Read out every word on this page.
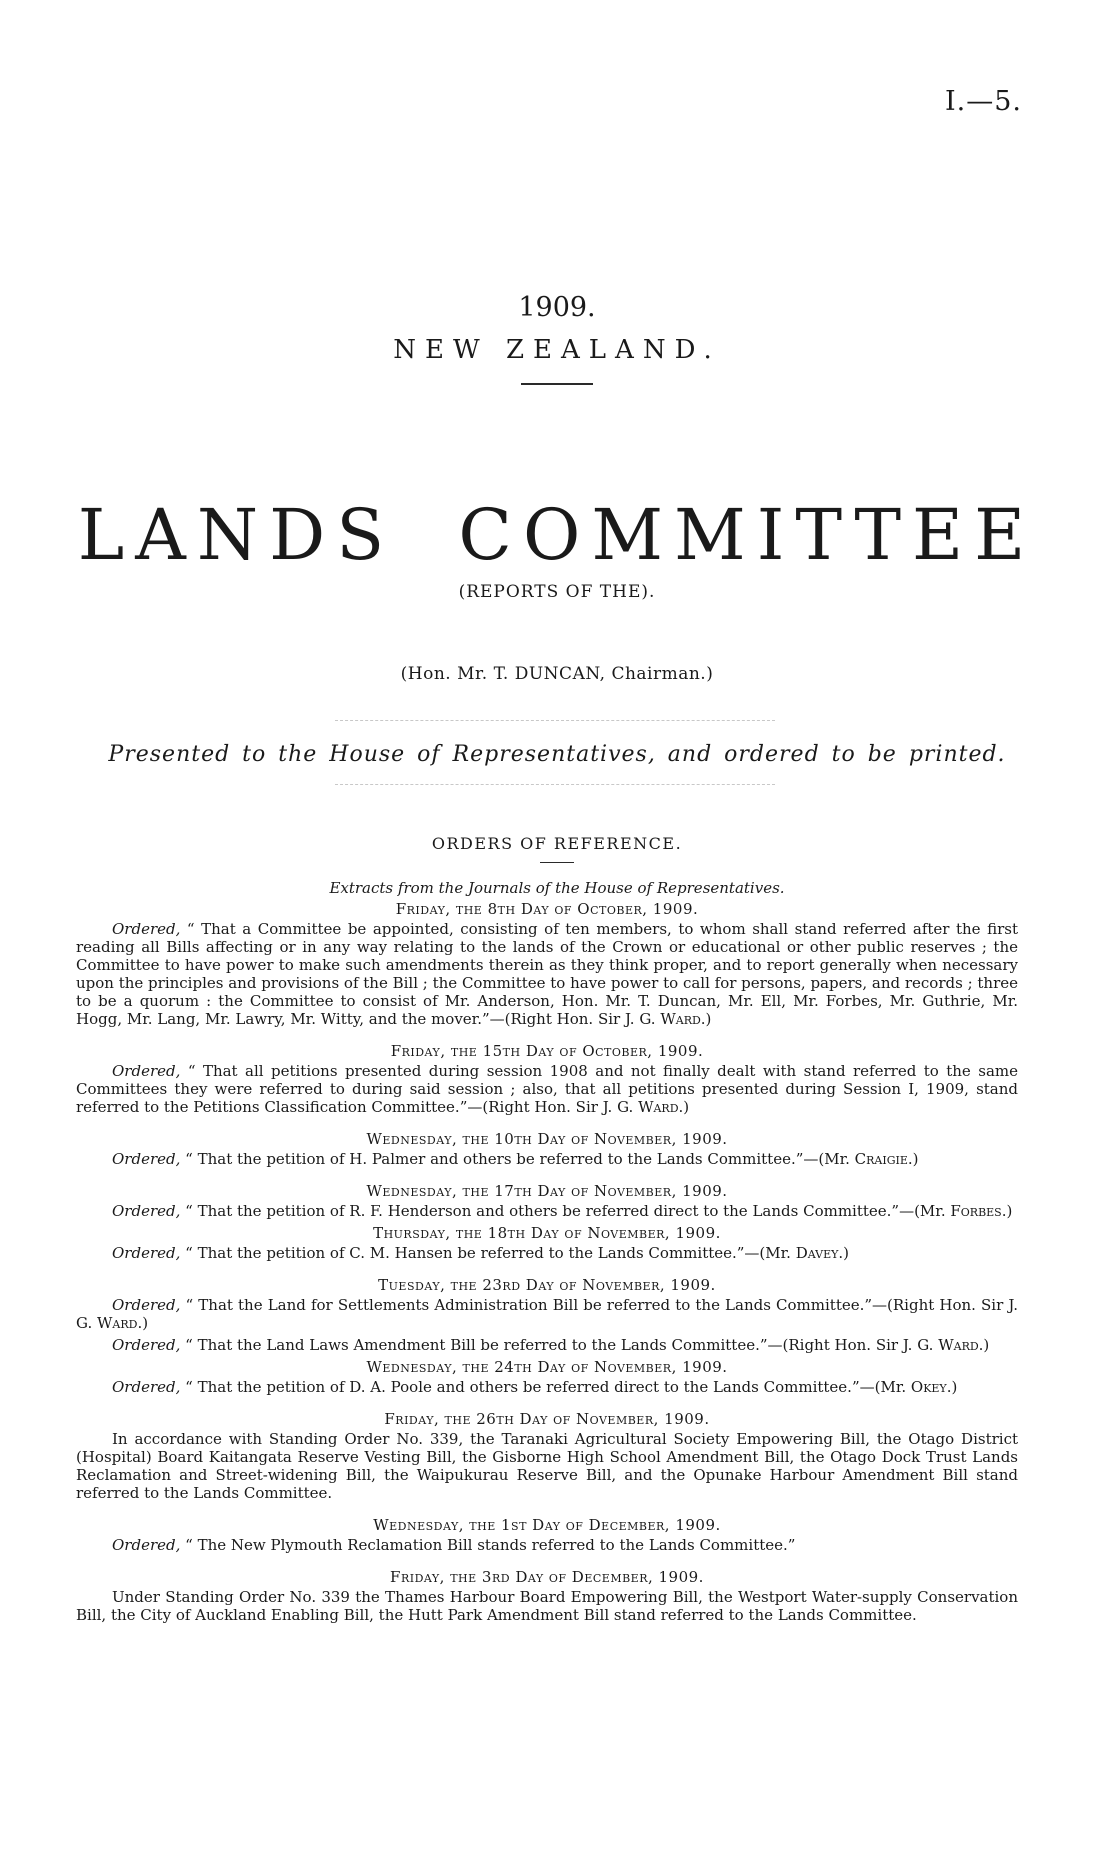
I.—5.
1909.
NEW ZEALAND.
LANDS COMMITTEE
(REPORTS OF THE).
(Hon. Mr. T. DUNCAN, Chairman.)
Presented to the House of Representatives, and ordered to be printed.
ORDERS OF REFERENCE.
Extracts from the Journals of the House of Representatives.
Friday, the 8th Day of October, 1909.
Ordered, “ That a Committee be appointed, consisting of ten members, to whom shall stand referred after the first reading all Bills affecting or in any way relating to the lands of the Crown or educational or other public reserves ; the Committee to have power to make such amendments therein as they think proper, and to report generally when necessary upon the principles and provisions of the Bill ; the Committee to have power to call for persons, papers, and records ; three to be a quorum : the Committee to consist of Mr. Anderson, Hon. Mr. T. Duncan, Mr. Ell, Mr. Forbes, Mr. Guthrie, Mr. Hogg, Mr. Lang, Mr. Lawry, Mr. Witty, and the mover.”—(Right Hon. Sir J. G. Ward.)
Friday, the 15th Day of October, 1909.
Ordered, “ That all petitions presented during session 1908 and not finally dealt with stand referred to the same Committees they were referred to during said session ; also, that all petitions presented during Session I, 1909, stand referred to the Petitions Classification Committee.”—(Right Hon. Sir J. G. Ward.)
Wednesday, the 10th Day of November, 1909.
Ordered, “ That the petition of H. Palmer and others be referred to the Lands Committee.”—(Mr. Craigie.)
Wednesday, the 17th Day of November, 1909.
Ordered, “ That the petition of R. F. Henderson and others be referred direct to the Lands Committee.”—(Mr. Forbes.)
Thursday, the 18th Day of November, 1909.
Ordered, “ That the petition of C. M. Hansen be referred to the Lands Committee.”—(Mr. Davey.)
Tuesday, the 23rd Day of November, 1909.
Ordered, “ That the Land for Settlements Administration Bill be referred to the Lands Committee.”—(Right Hon. Sir J. G. Ward.)
Ordered, “ That the Land Laws Amendment Bill be referred to the Lands Committee.”—(Right Hon. Sir J. G. Ward.)
Wednesday, the 24th Day of November, 1909.
Ordered, “ That the petition of D. A. Poole and others be referred direct to the Lands Committee.”—(Mr. Okey.)
Friday, the 26th Day of November, 1909.
In accordance with Standing Order No. 339, the Taranaki Agricultural Society Empowering Bill, the Otago District (Hospital) Board Kaitangata Reserve Vesting Bill, the Gisborne High School Amendment Bill, the Otago Dock Trust Lands Reclamation and Street-widening Bill, the Waipukurau Reserve Bill, and the Opunake Harbour Amendment Bill stand referred to the Lands Committee.
Wednesday, the 1st Day of December, 1909.
Ordered, “ The New Plymouth Reclamation Bill stands referred to the Lands Committee.”
Friday, the 3rd Day of December, 1909.
Under Standing Order No. 339 the Thames Harbour Board Empowering Bill, the Westport Water-supply Conservation Bill, the City of Auckland Enabling Bill, the Hutt Park Amendment Bill stand referred to the Lands Committee.
